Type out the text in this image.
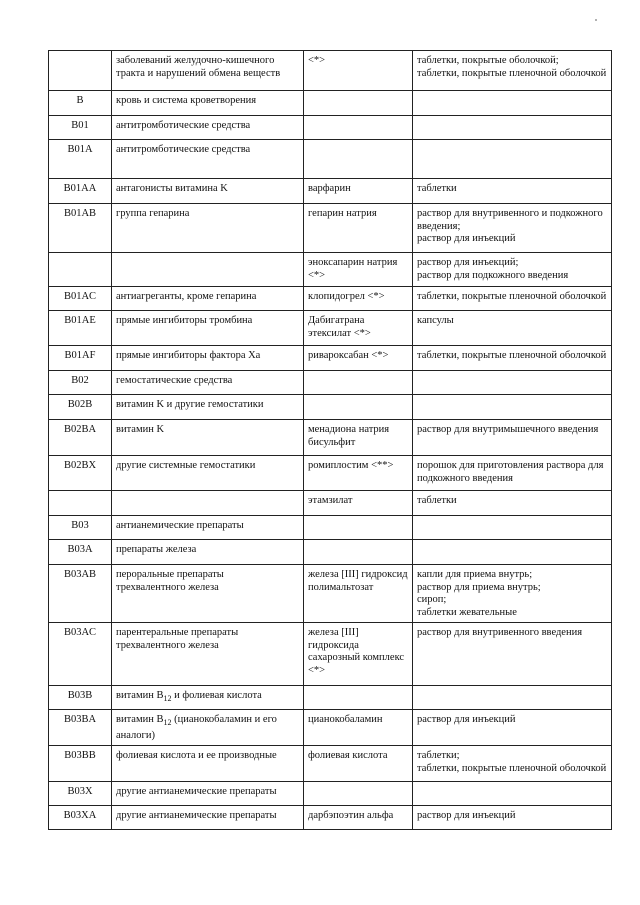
	заболеваний желудочно-кишечного
тракта и нарушений обмена веществ	<*>	таблетки, покрытые оболочкой;
таблетки, покрытые пленочной оболочкой

B	кровь и система кроветворения		

B01	антитромботические средства		

B01A	антитромботические средства		

B01AA	антагонисты витамина K	варфарин	таблетки

B01AB	группа гепарина	гепарин натрия	раствор для внутривенного и подкожного
введения;
раствор для инъекций

		эноксапарин натрия
<*>	раствор для инъекций;
раствор для подкожного введения

B01AC	антиагреганты, кроме гепарина	клопидогрел <*>	таблетки, покрытые пленочной оболочкой

B01AE	прямые ингибиторы тромбина	Дабигатрана
этексилат <*>	капсулы

B01AF	прямые ингибиторы фактора Xa	ривароксабан <*>	таблетки, покрытые пленочной оболочкой

B02	гемостатические средства		

B02B	витамин K и другие гемостатики		

B02BA	витамин K	менадиона натрия
бисульфит	раствор для внутримышечного введения

B02BX	другие системные гемостатики	ромиплостим <**>	порошок для приготовления раствора для
подкожного введения

		этамзилат	таблетки

B03	антианемические препараты		

B03A	препараты железа		

B03AB	пероральные препараты
трехвалентного железа	железа [III] гидроксид
полимальтозат	капли для приема внутрь;
раствор для приема внутрь;
сироп;
таблетки жевательные

B03AC	парентеральные препараты
трехвалентного железа	железа [III]
гидроксида
сахарозный комплекс
<*>	раствор для внутривенного введения

B03B	витамин $B_{12}$ и фолиевая кислота		

B03BA	витамин $B_{12}$ (цианокобаламин и его
аналоги)	цианокобаламин	раствор для инъекций

B03BB	фолиевая кислота и ее производные	фолиевая кислота	таблетки;
таблетки, покрытые пленочной оболочкой

B03X	другие антианемические препараты		

B03XA	другие антианемические препараты	дарбэпоэтин альфа	раствор для инъекций
